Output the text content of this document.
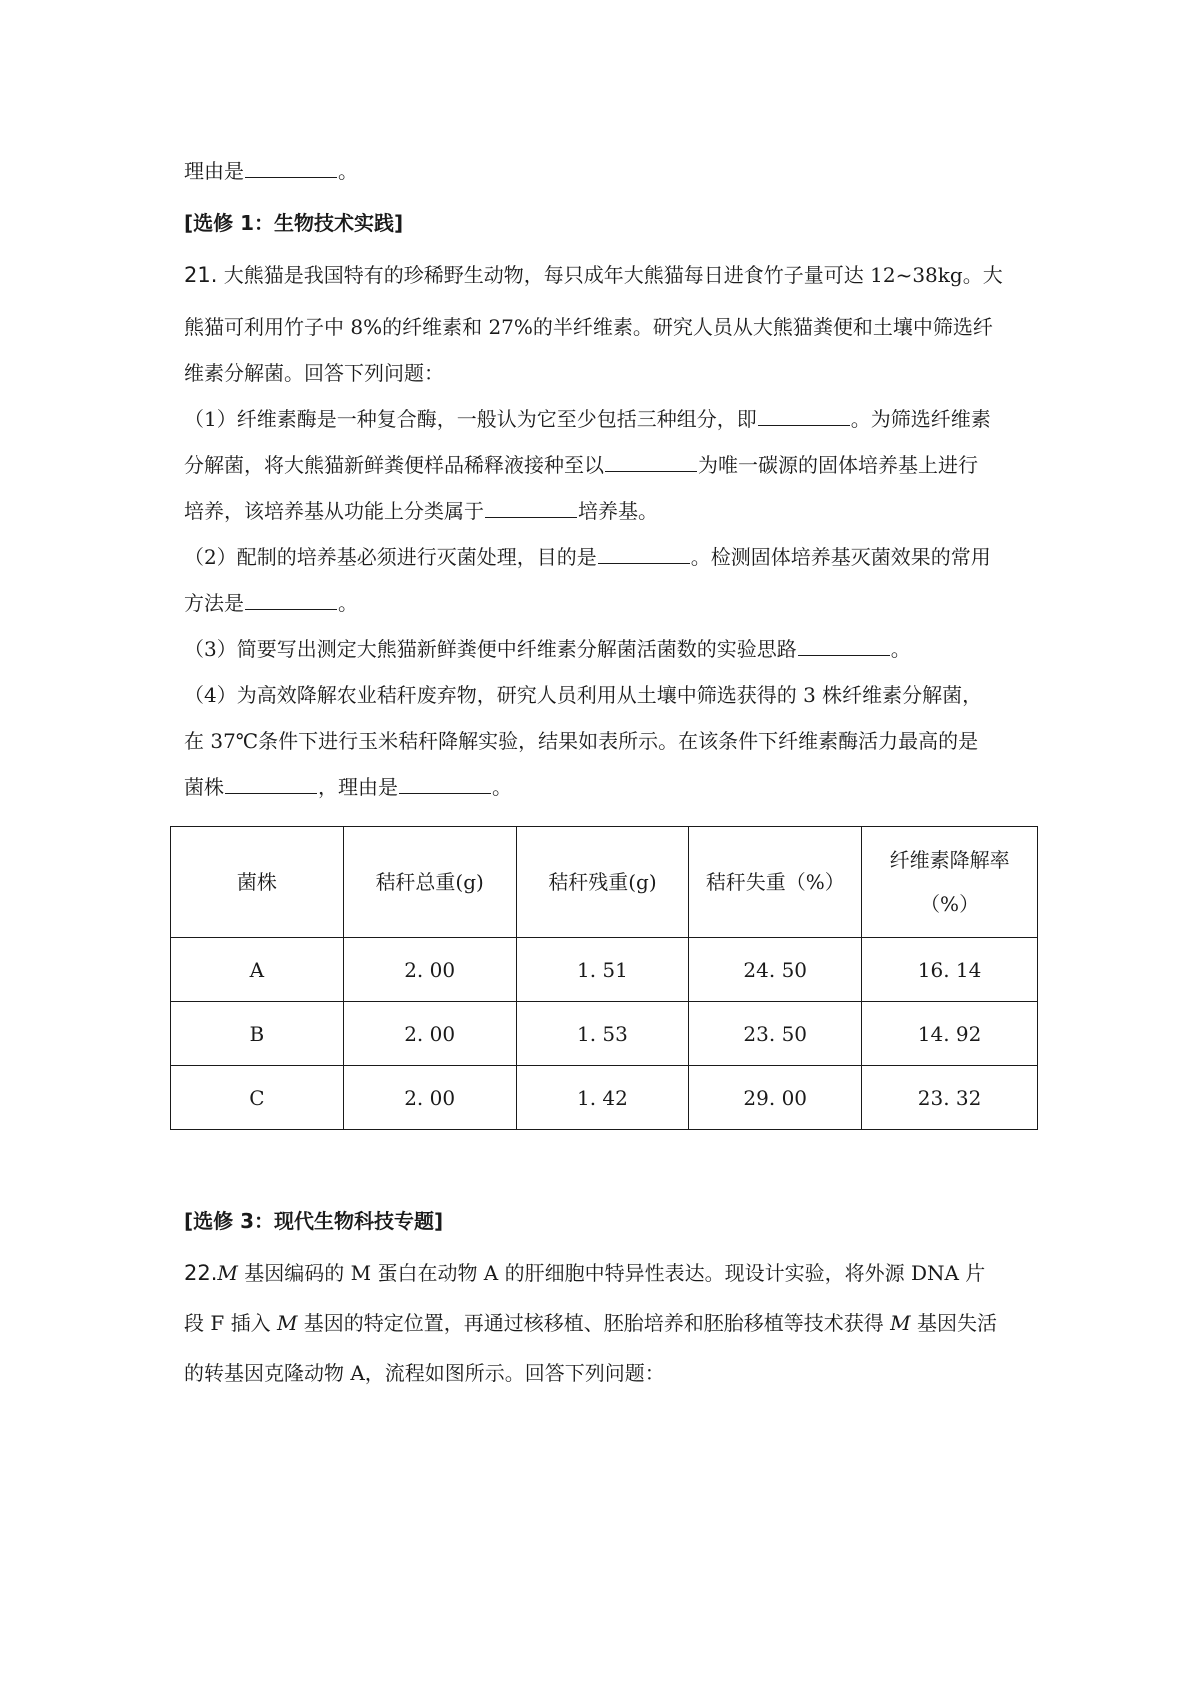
理由是	。
[选修 1：生物技术实践]
21. 大熊猫是我国特有的珍稀野生动物，每只成年大熊猫每日进食竹子量可达 12~38kg。大
熊猫可利用竹子中 8%的纤维素和 27%的半纤维素。研究人员从大熊猫粪便和土壤中筛选纤
维素分解菌。回答下列问题：
（1）纤维素酶是一种复合酶，一般认为它至少包括三种组分，即	。为筛选纤维素
分解菌，将大熊猫新鲜粪便样品稀释液接种至以	为唯一碳源的固体培养基上进行
培养，该培养基从功能上分类属于	培养基。
（2）配制的培养基必须进行灭菌处理，目的是	。检测固体培养基灭菌效果的常用
方法是	。
（3）简要写出测定大熊猫新鲜粪便中纤维素分解菌活菌数的实验思路	。
（4）为高效降解农业秸秆废弃物，研究人员利用从土壤中筛选获得的 3 株纤维素分解菌，
在 37℃条件下进行玉米秸秆降解实验，结果如表所示。在该条件下纤维素酶活力最高的是
菌株	，理由是	。
菌株	秸秆总重(g)	秸秆残重(g)	秸秆失重（%）	纤维素降解率
（%）

A	2. 00	1. 51	24. 50	16. 14
B	2. 00	1. 53	23. 50	14. 92
C	2. 00	1. 42	29. 00	23. 32
[选修 3：现代生物科技专题]
22.M 基因编码的 M 蛋白在动物 A 的肝细胞中特异性表达。现设计实验，将外源 DNA 片
段 F 插入 M 基因的特定位置，再通过核移植、胚胎培养和胚胎移植等技术获得 M 基因失活
的转基因克隆动物 A，流程如图所示。回答下列问题：
